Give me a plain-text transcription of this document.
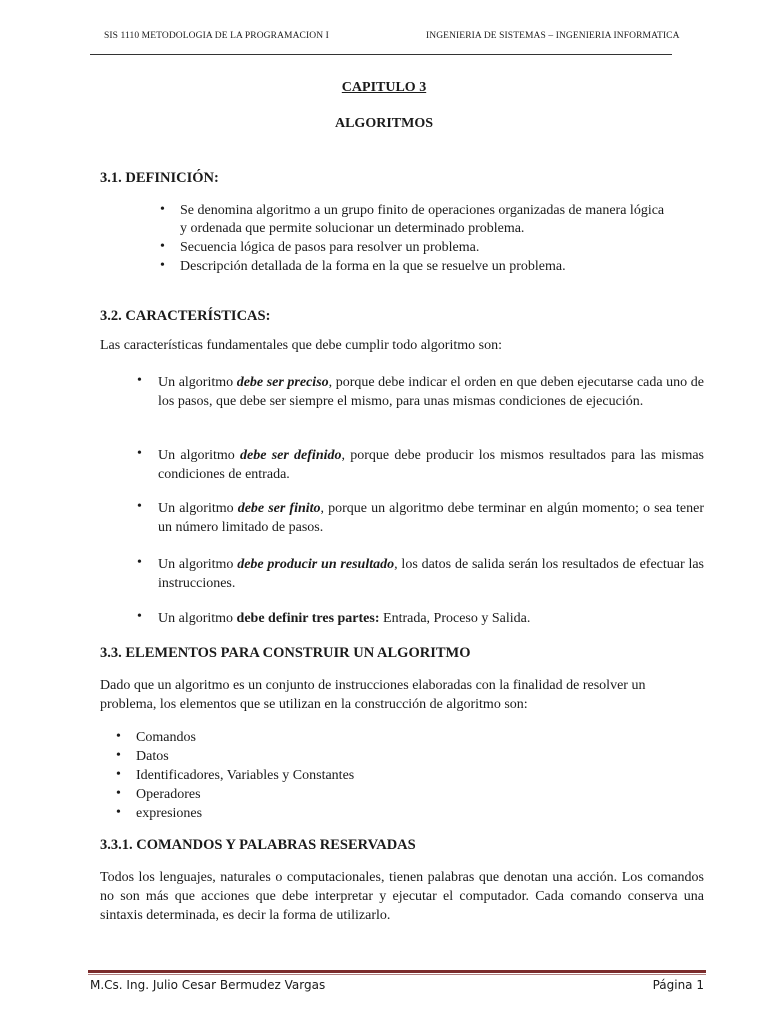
SIS 1110 METODOLOGIA DE LA PROGRAMACION I	INGENIERIA DE SISTEMAS – INGENIERIA INFORMATICA
CAPITULO 3
ALGORITMOS
3.1. DEFINICIÓN:
• Se denomina algoritmo a un grupo finito de operaciones organizadas de manera lógica
y ordenada que permite solucionar un determinado problema.
• Secuencia lógica de pasos para resolver un problema.
• Descripción detallada de la forma en la que se resuelve un problema.
3.2. CARACTERÍSTICAS:
Las características fundamentales que debe cumplir todo algoritmo son:
• Un algoritmo debe ser preciso, porque debe indicar el orden en que deben ejecutarse cada uno de los pasos, que debe ser siempre el mismo, para unas mismas condiciones de ejecución.
• Un algoritmo debe ser definido, porque debe producir los mismos resultados para las mismas condiciones de entrada.
• Un algoritmo debe ser finito, porque un algoritmo debe terminar en algún momento; o sea tener un número limitado de pasos.
• Un algoritmo debe producir un resultado, los datos de salida serán los resultados de efectuar las instrucciones.
• Un algoritmo debe definir tres partes: Entrada, Proceso y Salida.
3.3. ELEMENTOS PARA CONSTRUIR UN ALGORITMO
Dado que un algoritmo es un conjunto de instrucciones elaboradas con la finalidad de resolver un problema, los elementos que se utilizan en la construcción de algoritmo son:
• Comandos
• Datos
• Identificadores, Variables y Constantes
• Operadores
• expresiones
3.3.1. COMANDOS Y PALABRAS RESERVADAS
Todos los lenguajes, naturales o computacionales, tienen palabras que denotan una acción. Los comandos no son más que acciones que debe interpretar y ejecutar el computador. Cada comando conserva una sintaxis determinada, es decir la forma de utilizarlo.
M.Cs. Ing. Julio Cesar Bermudez Vargas	Página 1
